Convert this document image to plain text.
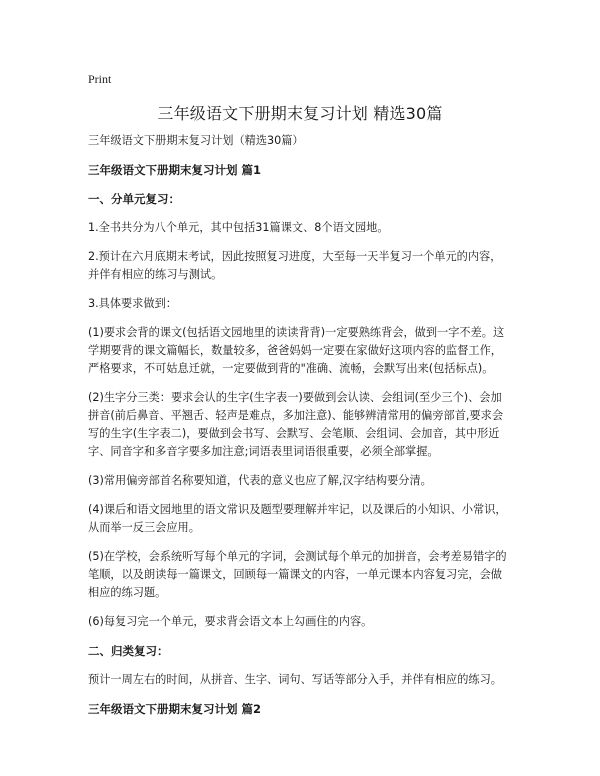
Print
三年级语文下册期末复习计划 精选30篇

三年级语文下册期末复习计划（精选30篇）

三年级语文下册期末复习计划 篇1

一、分单元复习：

1.全书共分为八个单元，其中包括31篇课文、8个语文园地。

2.预计在六月底期末考试，因此按照复习进度，大至每一天半复习一个单元的内容，并伴有相应的练习与测试。

3.具体要求做到：

(1)要求会背的课文(包括语文园地里的读读背背)一定要熟练背会，做到一字不差。这学期要背的课文篇幅长，数量较多，爸爸妈妈一定要在家做好这项内容的监督工作，严格要求，不可姑息迁就，一定要做到背的"准确、流畅，会默写出来(包括标点)。

(2)生字分三类：要求会认的生字(生字表一)要做到会认读、会组词(至少三个)、会加拼音(前后鼻音、平翘舌、轻声是难点，多加注意)、能够辨清常用的偏旁部首,要求会写的生字(生字表二)，要做到会书写、会默写、会笔顺、会组词、会加音，其中形近字、同音字和多音字要多加注意;词语表里词语很重要，必须全部掌握。

(3)常用偏旁部首名称要知道，代表的意义也应了解,汉字结构要分清。

(4)课后和语文园地里的语文常识及题型要理解并牢记，以及课后的小知识、小常识，从而举一反三会应用。

(5)在学校，会系统听写每个单元的字词，会测试每个单元的加拼音，会考差易错字的笔顺，以及朗读每一篇课文，回顾每一篇课文的内容，一单元课本内容复习完，会做相应的练习题。

(6)每复习完一个单元，要求背会语文本上勾画住的内容。

二、归类复习：

预计一周左右的时间，从拼音、生字、词句、写话等部分入手，并伴有相应的练习。

三年级语文下册期末复习计划 篇2
